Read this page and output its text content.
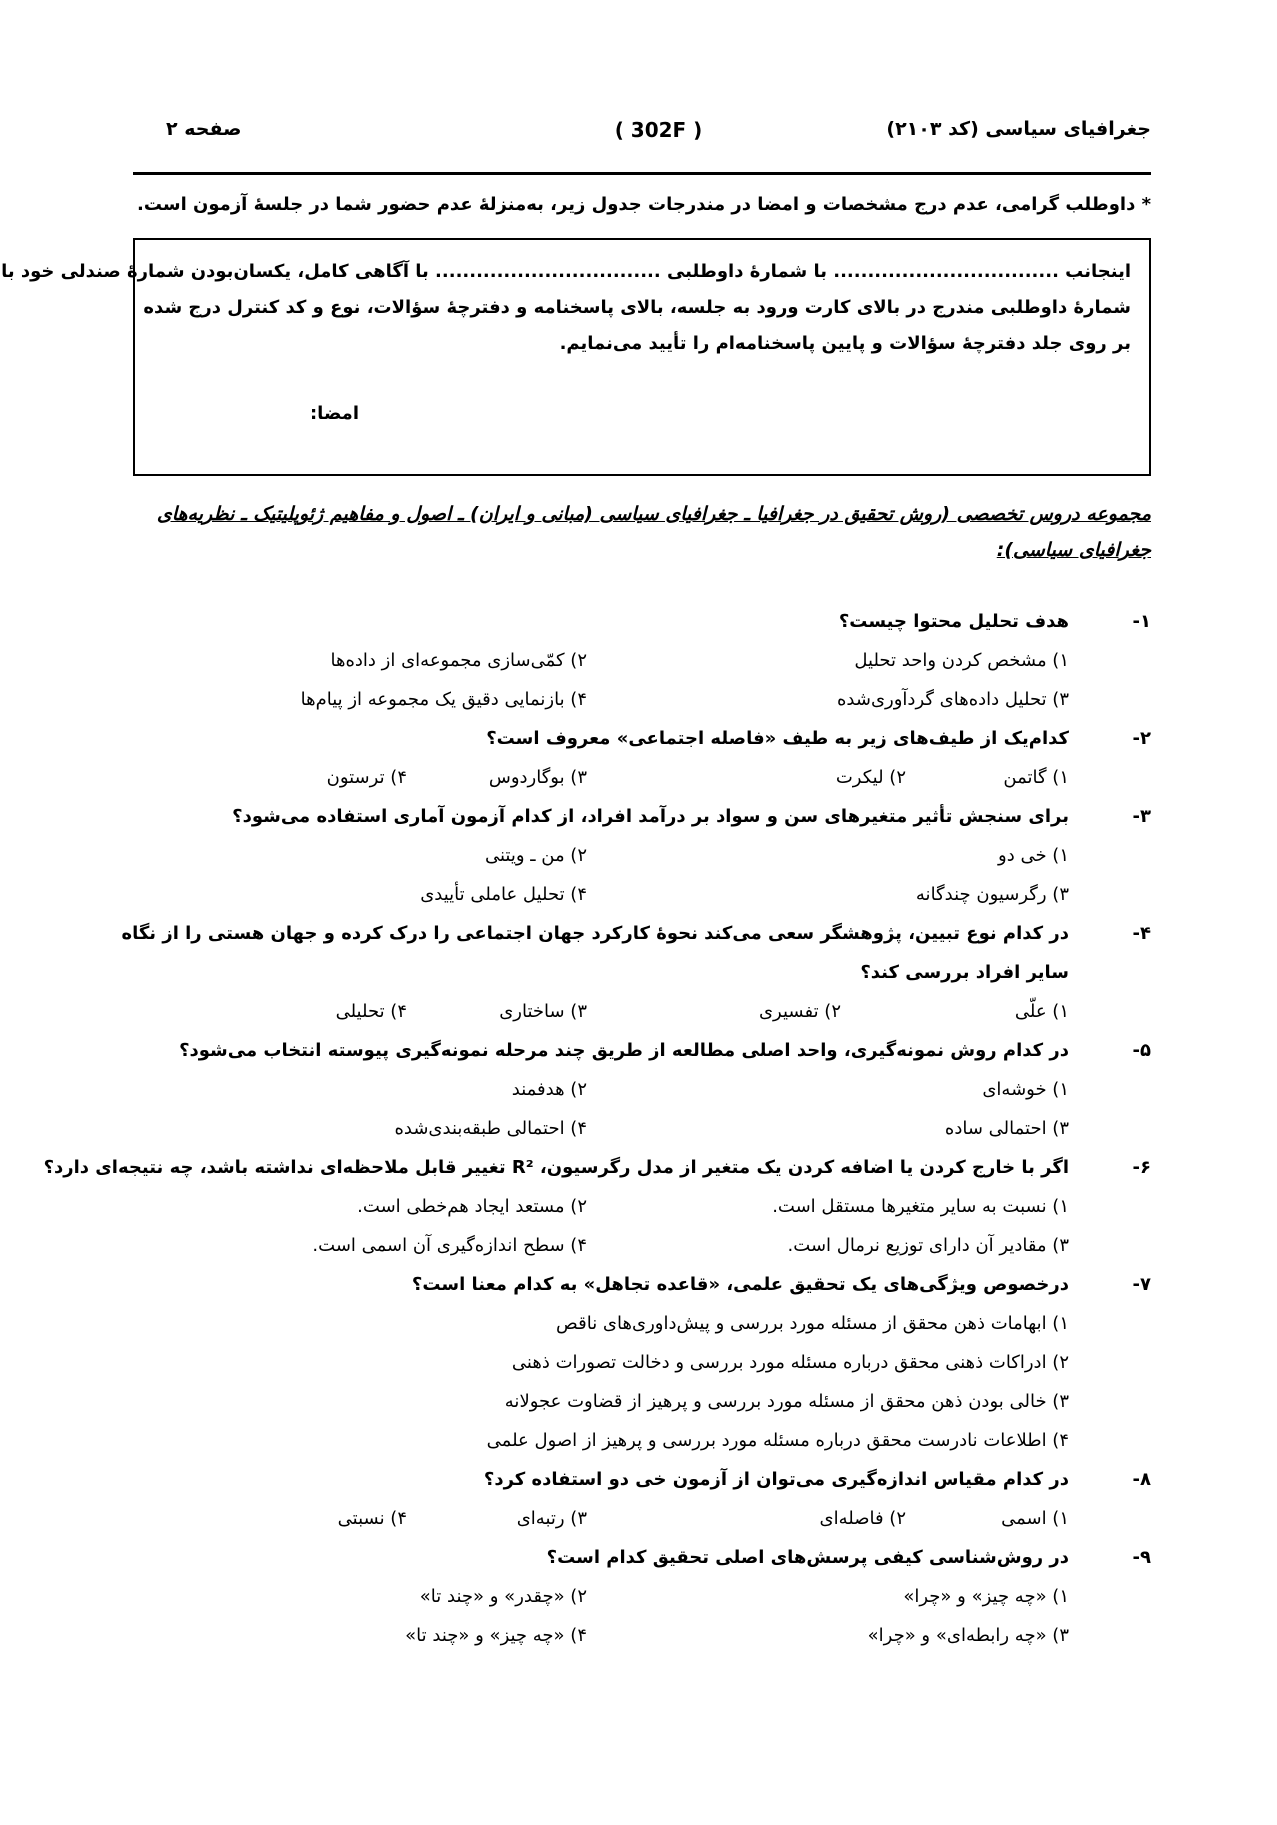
جغرافیای سیاسی (کد ۲۱۰۳)
( 302F )
صفحه ۲
* داوطلب گرامی، عدم درج مشخصات و امضا در مندرجات جدول زیر، به‌منزلهٔ عدم حضور شما در جلسهٔ آزمون است.
اینجانب ................................. با شمارهٔ داوطلبی ................................. با آگاهی کامل، یکسان‌بودن شمارهٔ صندلی خود با
شمارهٔ داوطلبی مندرج در بالای کارت ورود به جلسه، بالای پاسخنامه و دفترچهٔ سؤالات، نوع و کد کنترل درج شده
بر روی جلد دفترچهٔ سؤالات و پایین پاسخنامه‌ام را تأیید می‌نمایم.
امضا:
مجموعه دروس تخصصی (روش تحقیق در جغرافیا ـ جغرافیای سیاسی (مبانی و ایران) ـ اصول و مفاهیم ژئوپلیتیک ـ نظریه‌های
جغرافیای سیاسی):
۱-
هدف تحلیل محتوا چیست؟
۱) مشخص کردن واحد تحلیل
۲) کمّی‌سازی مجموعه‌ای از داده‌ها
۳) تحلیل داده‌های گردآوری‌شده
۴) بازنمایی دقیق یک مجموعه از پیام‌ها
۲-
کدام‌یک از طیف‌های زیر به طیف «فاصله اجتماعی» معروف است؟
۱) گاتمن
۲) لیکرت
۳) بوگاردوس
۴) ترستون
۳-
برای سنجش تأثیر متغیرهای سن و سواد بر درآمد افراد، از کدام آزمون آماری استفاده می‌شود؟
۱) خی دو
۲) من ـ ویتنی
۳) رگرسیون چندگانه
۴) تحلیل عاملی تأییدی
۴-
در کدام نوع تبیین، پژوهشگر سعی می‌کند نحوهٔ کارکرد جهان اجتماعی را درک کرده و جهان هستی را از نگاه
سایر افراد بررسی کند؟
۱) علّی
۲) تفسیری
۳) ساختاری
۴) تحلیلی
۵-
در کدام روش نمونه‌گیری، واحد اصلی مطالعه از طریق چند مرحله نمونه‌گیری پیوسته انتخاب می‌شود؟
۱) خوشه‌ای
۲) هدفمند
۳) احتمالی ساده
۴) احتمالی طبقه‌بندی‌شده
۶-
اگر با خارج کردن یا اضافه کردن یک متغیر از مدل رگرسیون، R² تغییر قابل ملاحظه‌ای نداشته باشد، چه نتیجه‌ای دارد؟
۱) نسبت به سایر متغیرها مستقل است.
۲) مستعد ایجاد هم‌خطی است.
۳) مقادیر آن دارای توزیع نرمال است.
۴) سطح اندازه‌گیری آن اسمی است.
۷-
درخصوص ویژگی‌های یک تحقیق علمی، «قاعده تجاهل» به کدام معنا است؟
۱) ابهامات ذهن محقق از مسئله مورد بررسی و پیش‌داوری‌های ناقص
۲) ادراکات ذهنی محقق درباره مسئله مورد بررسی و دخالت تصورات ذهنی
۳) خالی بودن ذهن محقق از مسئله مورد بررسی و پرهیز از قضاوت عجولانه
۴) اطلاعات نادرست محقق درباره مسئله مورد بررسی و پرهیز از اصول علمی
۸-
در کدام مقیاس اندازه‌گیری می‌توان از آزمون خی دو استفاده کرد؟
۱) اسمی
۲) فاصله‌ای
۳) رتبه‌ای
۴) نسبتی
۹-
در روش‌شناسی کیفی پرسش‌های اصلی تحقیق کدام است؟
۱) «چه چیز» و «چرا»
۲) «چقدر» و «چند تا»
۳) «چه رابطه‌ای» و «چرا»
۴) «چه چیز» و «چند تا»
